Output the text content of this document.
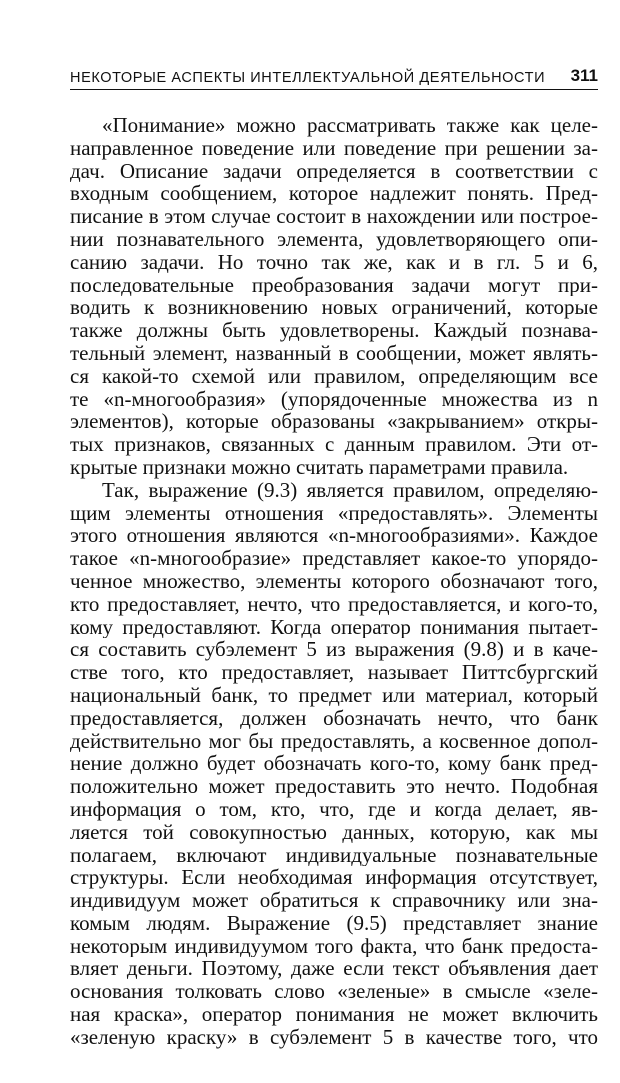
НЕКОТОРЫЕ АСПЕКТЫ ИНТЕЛЛЕКТУАЛЬНОЙ ДЕЯТЕЛЬНОСТИ 311
«Понимание» можно рассматривать также как целе-
направленное поведение или поведение при решении за-
дач. Описание задачи определяется в соответствии с
входным сообщением, которое надлежит понять. Пред-
писание в этом случае состоит в нахождении или построе-
нии познавательного элемента, удовлетворяющего опи-
санию задачи. Но точно так же, как и в гл. 5 и 6,
последовательные преобразования задачи могут при-
водить к возникновению новых ограничений, которые
также должны быть удовлетворены. Каждый познава-
тельный элемент, названный в сообщении, может являть-
ся какой-то схемой или правилом, определяющим все
те «n-многообразия» (упорядоченные множества из n
элементов), которые образованы «закрыванием» откры-
тых признаков, связанных с данным правилом. Эти от-
крытые признаки можно считать параметрами правила.
Так, выражение (9.3) является правилом, определяю-
щим элементы отношения «предоставлять». Элементы
этого отношения являются «n-многообразиями». Каждое
такое «n-многообразие» представляет какое-то упорядо-
ченное множество, элементы которого обозначают того,
кто предоставляет, нечто, что предоставляется, и кого-то,
кому предоставляют. Когда оператор понимания пытает-
ся составить субэлемент 5 из выражения (9.8) и в каче-
стве того, кто предоставляет, называет Питтсбургский
национальный банк, то предмет или материал, который
предоставляется, должен обозначать нечто, что банк
действительно мог бы предоставлять, а косвенное допол-
нение должно будет обозначать кого-то, кому банк пред-
положительно может предоставить это нечто. Подобная
информация о том, кто, что, где и когда делает, яв-
ляется той совокупностью данных, которую, как мы
полагаем, включают индивидуальные познавательные
структуры. Если необходимая информация отсутствует,
индивидуум может обратиться к справочнику или зна-
комым людям. Выражение (9.5) представляет знание
некоторым индивидуумом того факта, что банк предоста-
вляет деньги. Поэтому, даже если текст объявления дает
основания толковать слово «зеленые» в смысле «зеле-
ная краска», оператор понимания не может включить
«зеленую краску» в субэлемент 5 в качестве того, что
